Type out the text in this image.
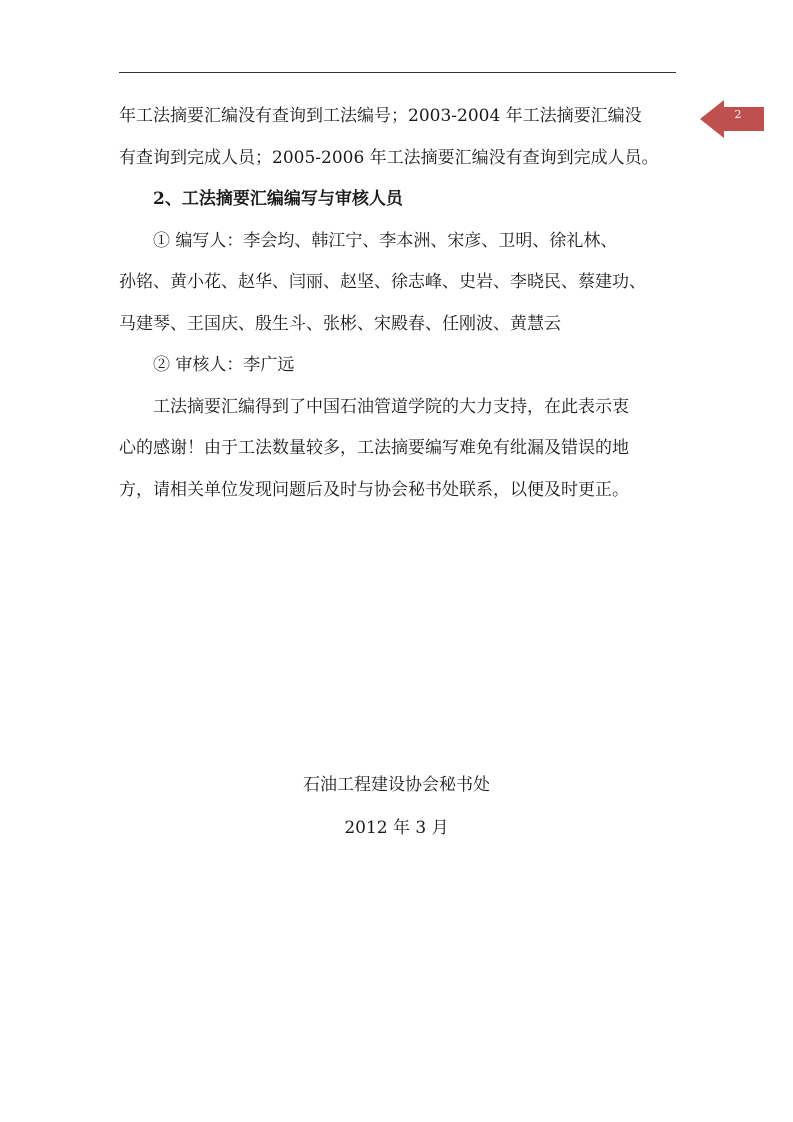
2

年工法摘要汇编没有查询到工法编号；2003-2004 年工法摘要汇编没

有查询到完成人员；2005-2006 年工法摘要汇编没有查询到完成人员。

2、工法摘要汇编编写与审核人员

① 编写人：李会均、韩江宁、李本洲、宋彦、卫明、徐礼林、

孙铭、黄小花、赵华、闫丽、赵坚、徐志峰、史岩、李晓民、蔡建功、

马建琴、王国庆、殷生斗、张彬、宋殿春、任刚波、黄慧云

② 审核人：李广远

工法摘要汇编得到了中国石油管道学院的大力支持，在此表示衷

心的感谢！由于工法数量较多，工法摘要编写难免有纰漏及错误的地

方，请相关单位发现问题后及时与协会秘书处联系，以便及时更正。

石油工程建设协会秘书处
2012 年 3 月
